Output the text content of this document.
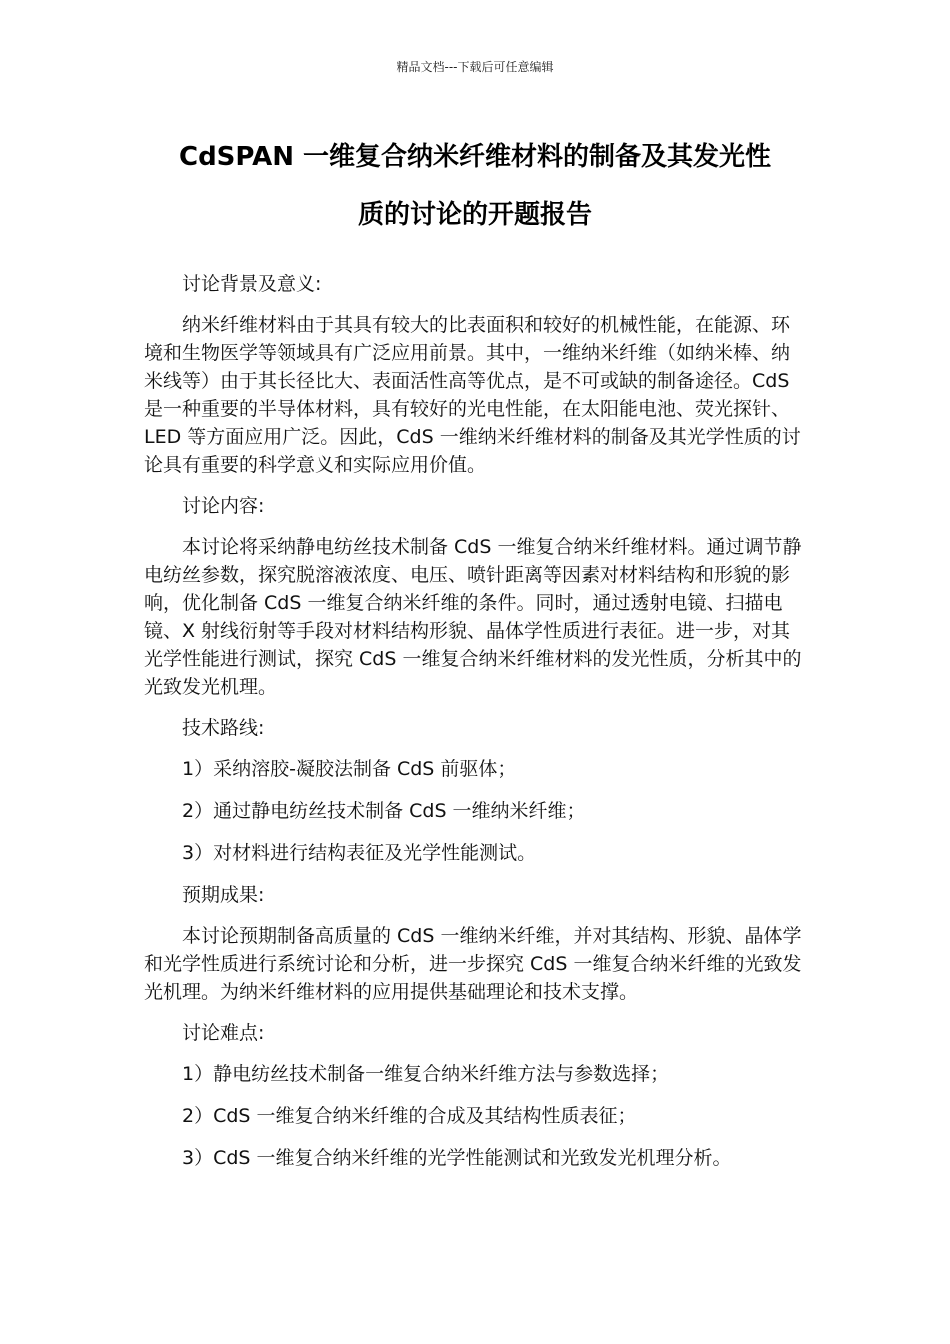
精品文档---下载后可任意编辑
CdSPAN 一维复合纳米纤维材料的制备及其发光性
质的讨论的开题报告

讨论背景及意义:

纳米纤维材料由于其具有较大的比表面积和较好的机械性能，在能源、环境和生物医学等领域具有广泛应用前景。其中，一维纳米纤维（如纳米棒、纳米线等）由于其长径比大、表面活性高等优点，是不可或缺的制备途径。CdS 是一种重要的半导体材料，具有较好的光电性能，在太阳能电池、荧光探针、LED 等方面应用广泛。因此，CdS 一维纳米纤维材料的制备及其光学性质的讨论具有重要的科学意义和实际应用价值。

讨论内容:

本讨论将采纳静电纺丝技术制备 CdS 一维复合纳米纤维材料。通过调节静电纺丝参数，探究脱溶液浓度、电压、喷针距离等因素对材料结构和形貌的影响，优化制备 CdS 一维复合纳米纤维的条件。同时，通过透射电镜、扫描电镜、X 射线衍射等手段对材料结构形貌、晶体学性质进行表征。进一步，对其光学性能进行测试，探究 CdS 一维复合纳米纤维材料的发光性质，分析其中的光致发光机理。

技术路线:

1）采纳溶胶-凝胶法制备 CdS 前驱体；

2）通过静电纺丝技术制备 CdS 一维纳米纤维；

3）对材料进行结构表征及光学性能测试。

预期成果:

本讨论预期制备高质量的 CdS 一维纳米纤维，并对其结构、形貌、晶体学和光学性质进行系统讨论和分析，进一步探究 CdS 一维复合纳米纤维的光致发光机理。为纳米纤维材料的应用提供基础理论和技术支撑。

讨论难点:

1）静电纺丝技术制备一维复合纳米纤维方法与参数选择；

2）CdS 一维复合纳米纤维的合成及其结构性质表征；

3）CdS 一维复合纳米纤维的光学性能测试和光致发光机理分析。
